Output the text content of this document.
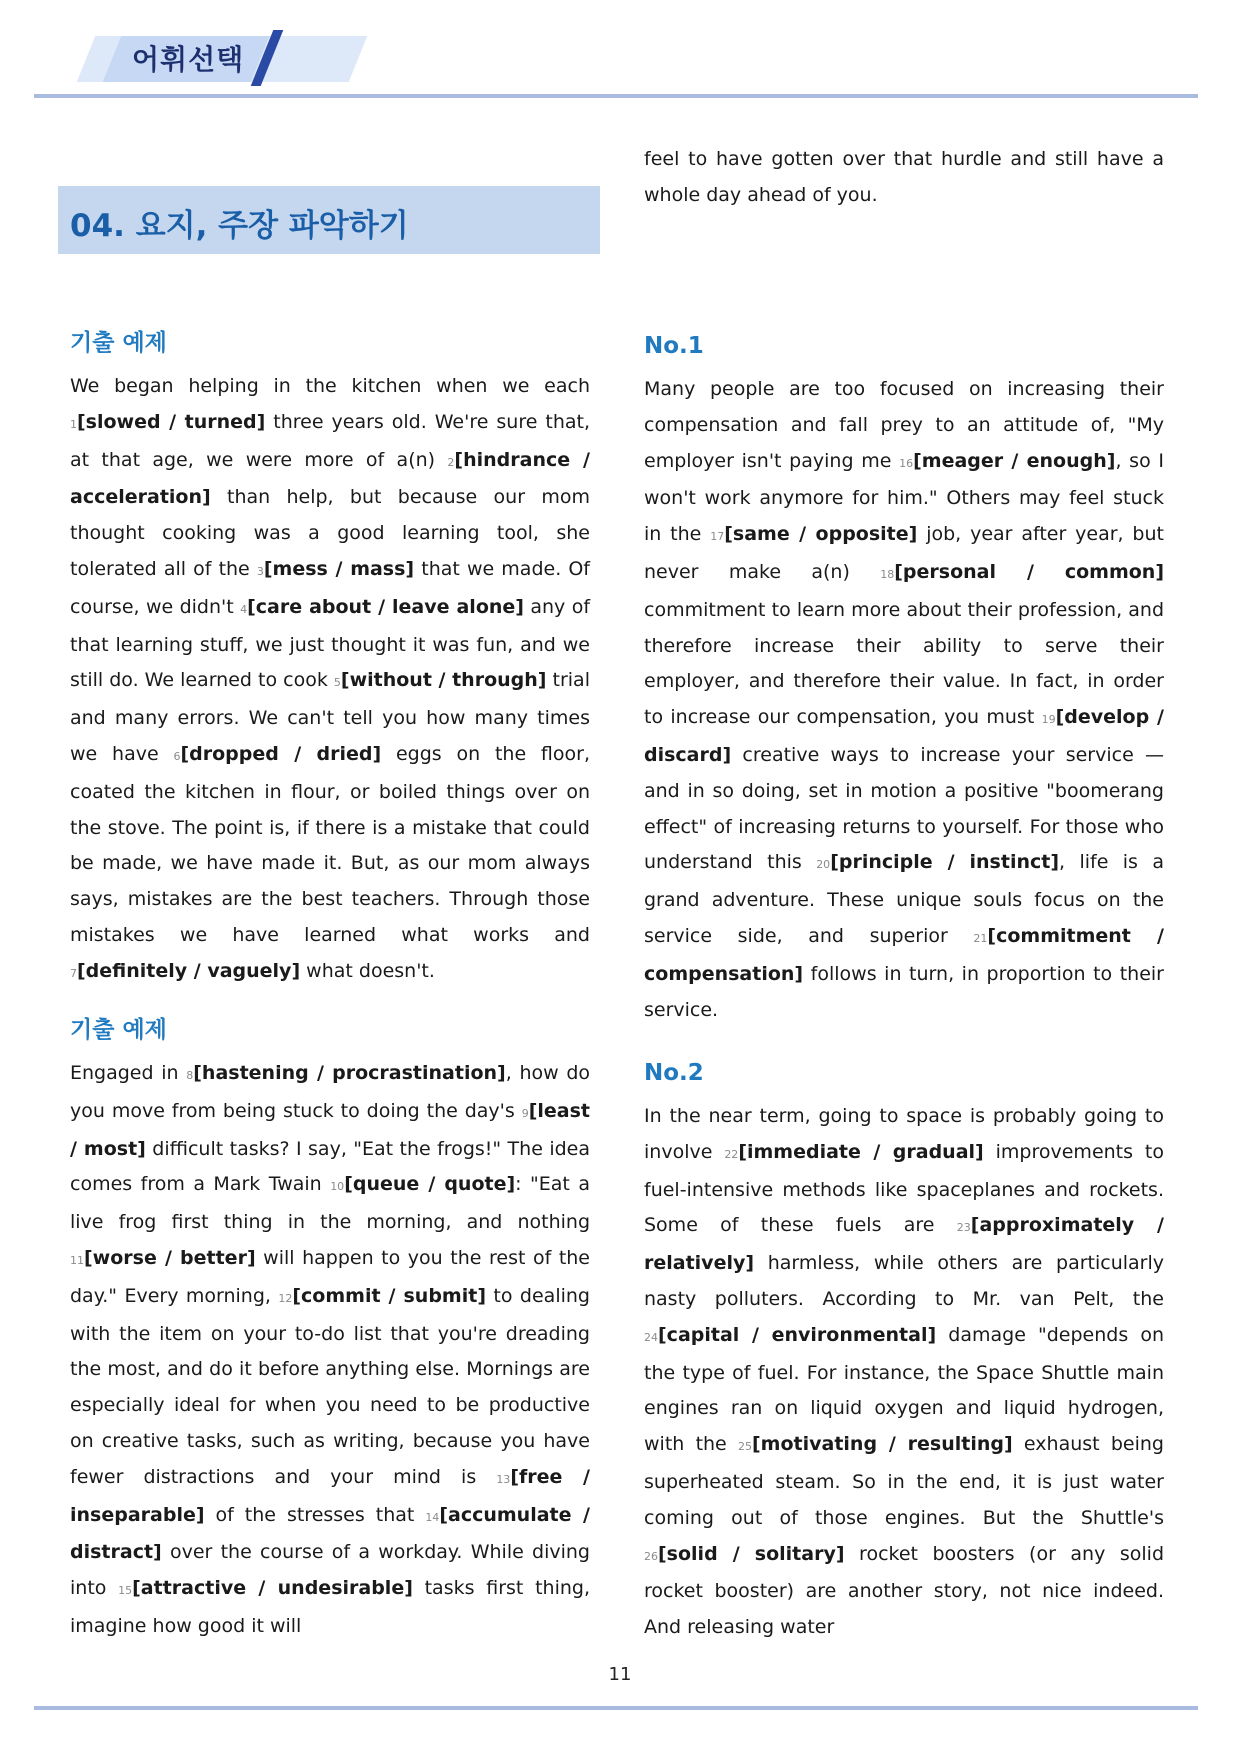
어휘선택
04. 요지, 주장 파악하기
기출 예제

We began helping in the kitchen when we each 1[slowed / turned] three years old. We're sure that, at that age, we were more of a(n) 2[hindrance / acceleration] than help, but because our mom thought cooking was a good learning tool, she tolerated all of the 3[mess / mass] that we made. Of course, we didn't 4[care about / leave alone] any of that learning stuff, we just thought it was fun, and we still do. We learned to cook 5[without / through] trial and many errors. We can't tell you how many times we have 6[dropped / dried] eggs on the floor, coated the kitchen in flour, or boiled things over on the stove. The point is, if there is a mistake that could be made, we have made it. But, as our mom always says, mistakes are the best teachers. Through those mistakes we have learned what works and 7[definitely / vaguely] what doesn't.

기출 예제

Engaged in 8[hastening / procrastination], how do you move from being stuck to doing the day's 9[least / most] difficult tasks? I say, "Eat the frogs!" The idea comes from a Mark Twain 10[queue / quote]: "Eat a live frog first thing in the morning, and nothing 11[worse / better] will happen to you the rest of the day." Every morning, 12[commit / submit] to dealing with the item on your to-do list that you're dreading the most, and do it before anything else. Mornings are especially ideal for when you need to be productive on creative tasks, such as writing, because you have fewer distractions and your mind is 13[free / inseparable] of the stresses that 14[accumulate / distract] over the course of a workday. While diving into 15[attractive / undesirable] tasks first thing, imagine how good it will

feel to have gotten over that hurdle and still have a whole day ahead of you.

No.1

Many people are too focused on increasing their compensation and fall prey to an attitude of, "My employer isn't paying me 16[meager / enough], so I won't work anymore for him." Others may feel stuck in the 17[same / opposite] job, year after year, but never make a(n) 18[personal / common] commitment to learn more about their profession, and therefore increase their ability to serve their employer, and therefore their value. In fact, in order to increase our compensation, you must 19[develop / discard] creative ways to increase your service — and in so doing, set in motion a positive "boomerang effect" of increasing returns to yourself. For those who understand this 20[principle / instinct], life is a grand adventure. These unique souls focus on the service side, and superior 21[commitment / compensation] follows in turn, in proportion to their service.

No.2

In the near term, going to space is probably going to involve 22[immediate / gradual] improvements to fuel-intensive methods like spaceplanes and rockets. Some of these fuels are 23[approximately / relatively] harmless, while others are particularly nasty polluters. According to Mr. van Pelt, the 24[capital / environmental] damage "depends on the type of fuel. For instance, the Space Shuttle main engines ran on liquid oxygen and liquid hydrogen, with the 25[motivating / resulting] exhaust being superheated steam. So in the end, it is just water coming out of those engines. But the Shuttle's 26[solid / solitary] rocket boosters (or any solid rocket booster) are another story, not nice indeed. And releasing water

11
